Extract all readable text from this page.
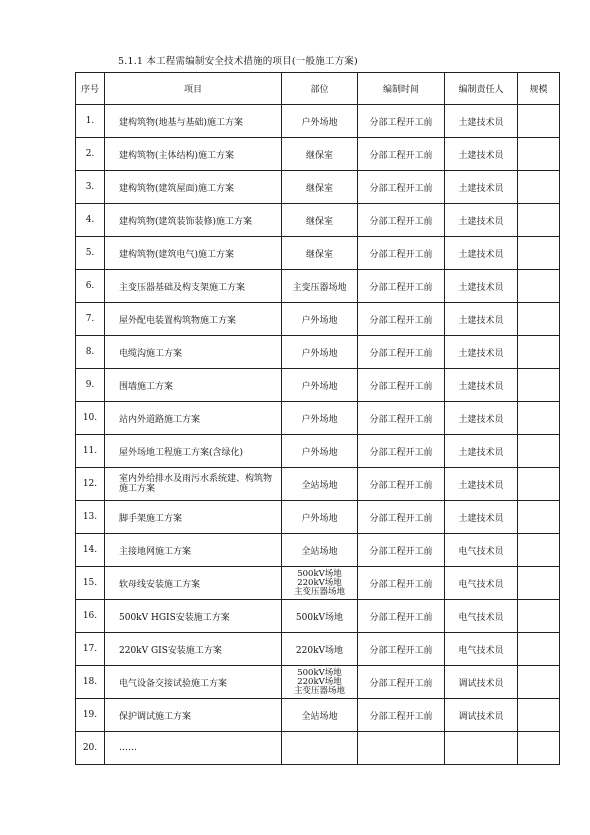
5.1.1 本工程需编制安全技术措施的项目(一般施工方案)
序号	项目	部位	编制时间	编制责任人	规模
1.	建构筑物(地基与基础)施工方案	户外场地	分部工程开工前	土建技术员	
2.	建构筑物(主体结构)施工方案	继保室	分部工程开工前	土建技术员	
3.	建构筑物(建筑屋面)施工方案	继保室	分部工程开工前	土建技术员	
4.	建构筑物(建筑装饰装修)施工方案	继保室	分部工程开工前	土建技术员	
5.	建构筑物(建筑电气)施工方案	继保室	分部工程开工前	土建技术员	
6.	主变压器基础及构支架施工方案	主变压器场地	分部工程开工前	土建技术员	
7.	屋外配电装置构筑物施工方案	户外场地	分部工程开工前	土建技术员	
8.	电缆沟施工方案	户外场地	分部工程开工前	土建技术员	
9.	围墙施工方案	户外场地	分部工程开工前	土建技术员	
10.	站内外道路施工方案	户外场地	分部工程开工前	土建技术员	
11.	屋外场地工程施工方案(含绿化)	户外场地	分部工程开工前	土建技术员	
12.	室内外给排水及雨污水系统建、构筑物施工方案	全站场地	分部工程开工前	土建技术员	
13.	脚手架施工方案	户外场地	分部工程开工前	土建技术员	
14.	主接地网施工方案	全站场地	分部工程开工前	电气技术员	
15.	软母线安装施工方案	500kV场地
220kV场地
主变压器场地	分部工程开工前	电气技术员	
16.	500kV HGIS安装施工方案	500kV场地	分部工程开工前	电气技术员	
17.	220kV GIS安装施工方案	220kV场地	分部工程开工前	电气技术员	
18.	电气设备交接试验施工方案	500kV场地
220kV场地
主变压器场地	分部工程开工前	调试技术员	
19.	保护调试施工方案	全站场地	分部工程开工前	调试技术员	
20.	……				
